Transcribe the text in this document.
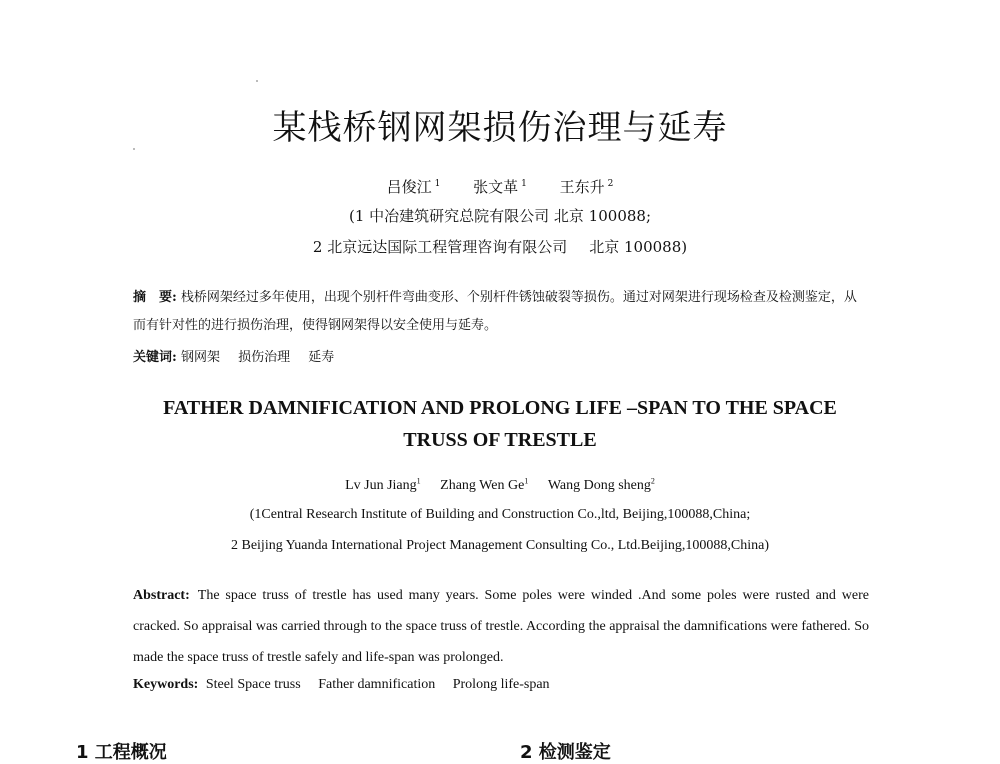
某栈桥钢网架损伤治理与延寿
吕俊江 $^1$ 张文革 $^1$ 王东升 $^2$
(1 中冶建筑研究总院有限公司 北京 100088;
2 北京远达国际工程管理咨询有限公司 北京 100088)
摘　要: 栈桥网架经过多年使用，出现个别杆件弯曲变形、个别杆件锈蚀破裂等损伤。通过对网架进行现场检查及检测鉴定，从而有针对性的进行损伤治理，使得钢网架得以安全使用与延寿。
关键词: 钢网架 损伤治理 延寿
FATHER DAMNIFICATION AND PROLONG LIFE –SPAN TO THE SPACE
TRUSS OF TRESTLE
Lv Jun Jiang$^1$ Zhang Wen Ge$^1$ Wang Dong sheng$^2$
(1Central Research Institute of Building and Construction Co.,ltd, Beijing,100088,China;
2 Beijing Yuanda International Project Management Consulting Co., Ltd.Beijing,100088,China)
Abstract: The space truss of trestle has used many years. Some poles were winded .And some poles were rusted and were cracked. So appraisal was carried through to the space truss of trestle. According the appraisal the damnifications were fathered. So made the space truss of trestle safely and life-span was prolonged.
Keywords: Steel Space truss Father damnification Prolong life-span
1 工程概况	2 检测鉴定
